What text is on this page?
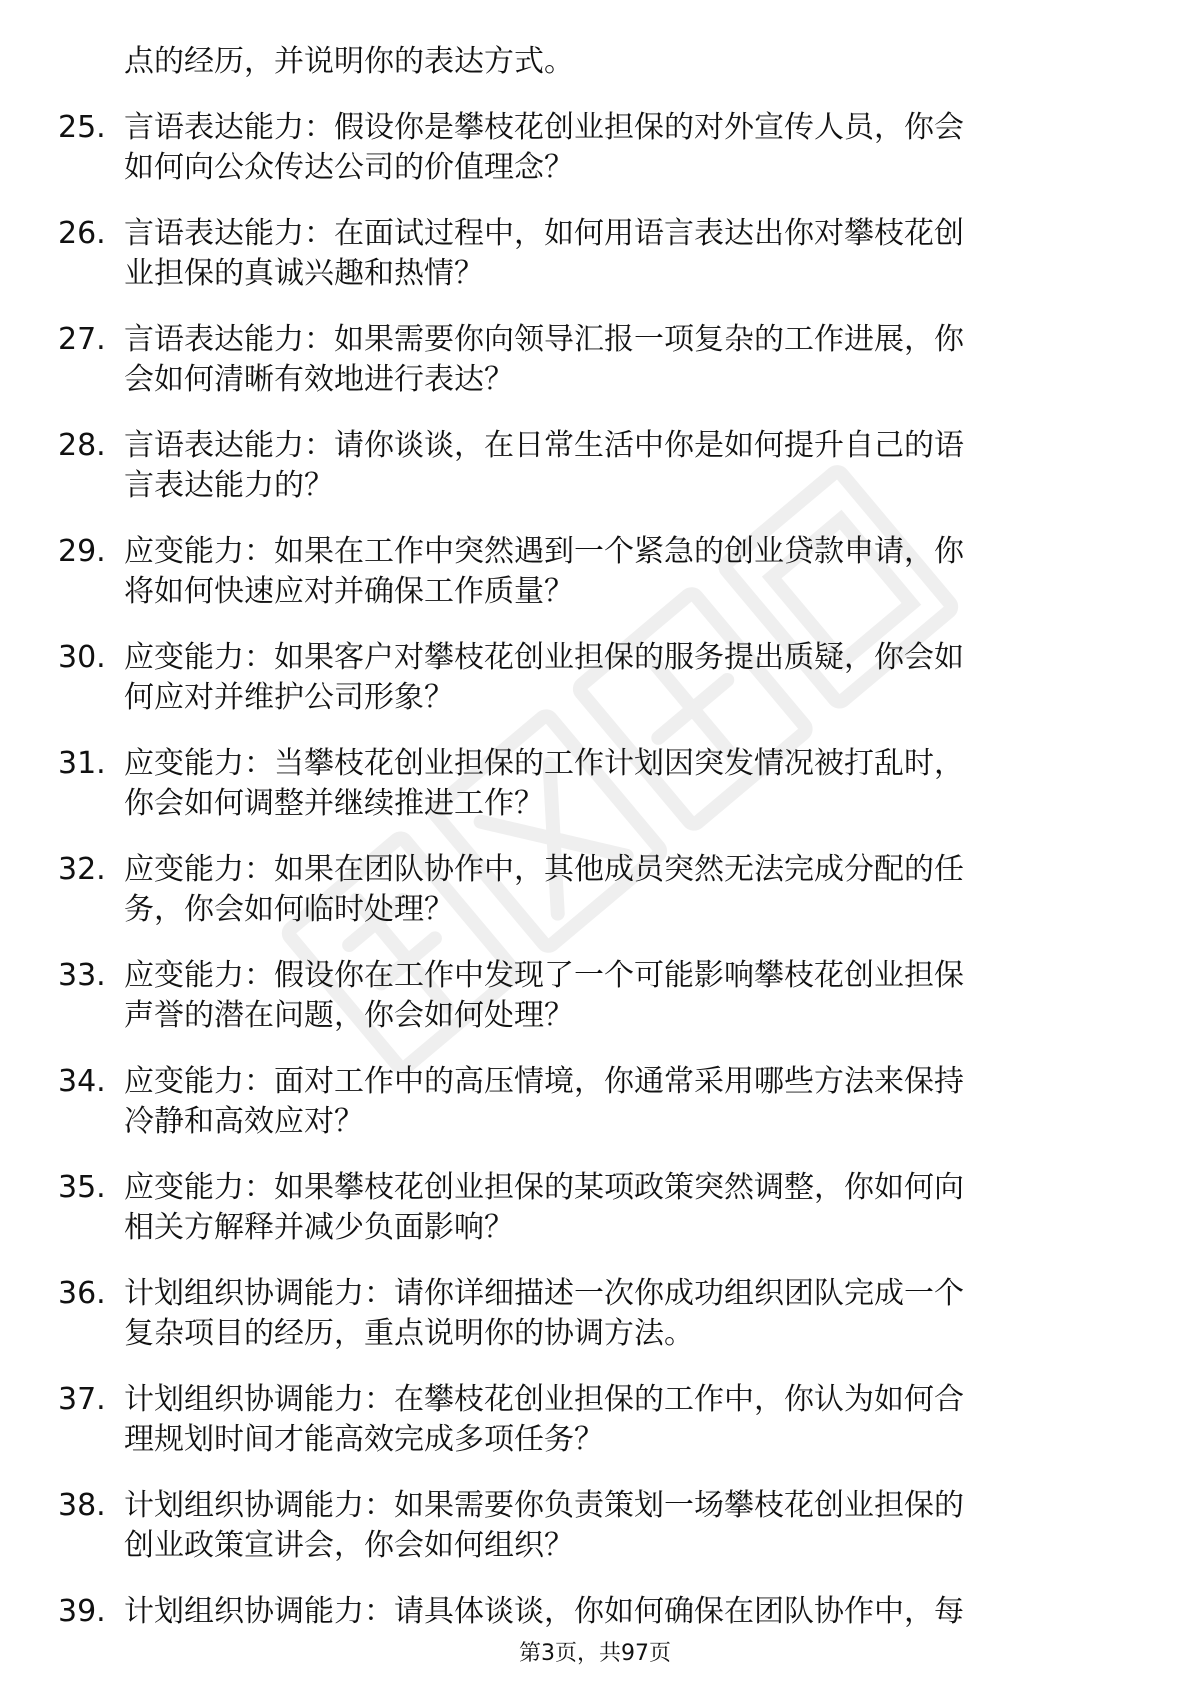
点的经历，并说明你的表达方式。
25. 言语表达能力：假设你是攀枝花创业担保的对外宣传人员，你会
如何向公众传达公司的价值理念？
26. 言语表达能力：在面试过程中，如何用语言表达出你对攀枝花创
业担保的真诚兴趣和热情？
27. 言语表达能力：如果需要你向领导汇报一项复杂的工作进展，你
会如何清晰有效地进行表达？
28. 言语表达能力：请你谈谈，在日常生活中你是如何提升自己的语
言表达能力的？
29. 应变能力：如果在工作中突然遇到一个紧急的创业贷款申请，你
将如何快速应对并确保工作质量？
30. 应变能力：如果客户对攀枝花创业担保的服务提出质疑，你会如
何应对并维护公司形象？
31. 应变能力：当攀枝花创业担保的工作计划因突发情况被打乱时，
你会如何调整并继续推进工作？
32. 应变能力：如果在团队协作中，其他成员突然无法完成分配的任
务，你会如何临时处理？
33. 应变能力：假设你在工作中发现了一个可能影响攀枝花创业担保
声誉的潜在问题，你会如何处理？
34. 应变能力：面对工作中的高压情境，你通常采用哪些方法来保持
冷静和高效应对？
35. 应变能力：如果攀枝花创业担保的某项政策突然调整，你如何向
相关方解释并减少负面影响？
36. 计划组织协调能力：请你详细描述一次你成功组织团队完成一个
复杂项目的经历，重点说明你的协调方法。
37. 计划组织协调能力：在攀枝花创业担保的工作中，你认为如何合
理规划时间才能高效完成多项任务？
38. 计划组织协调能力：如果需要你负责策划一场攀枝花创业担保的
创业政策宣讲会，你会如何组织？
39. 计划组织协调能力：请具体谈谈，你如何确保在团队协作中，每
第3页，共97页
